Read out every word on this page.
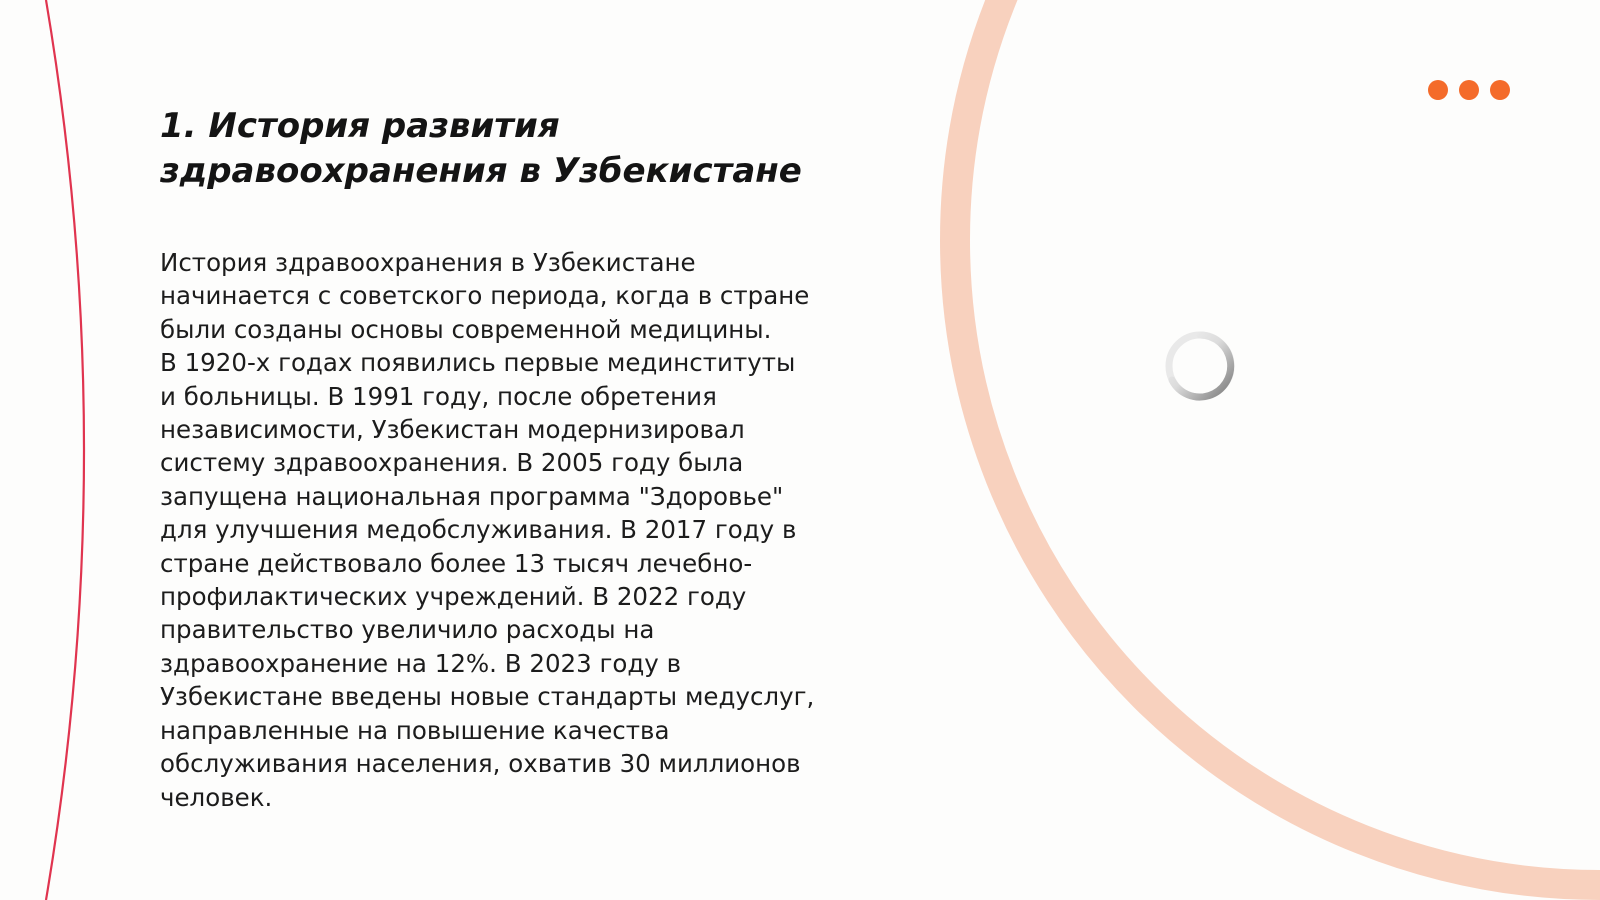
1. История развития
здравоохранения в Узбекистане

История здравоохранения в Узбекистане
начинается с советского периода, когда в стране
были созданы основы современной медицины.
В 1920-х годах появились первые мединституты
и больницы. В 1991 году, после обретения
независимости, Узбекистан модернизировал
систему здравоохранения. В 2005 году была
запущена национальная программа "Здоровье"
для улучшения медобслуживания. В 2017 году в
стране действовало более 13 тысяч лечебно-
профилактических учреждений. В 2022 году
правительство увеличило расходы на
здравоохранение на 12%. В 2023 году в
Узбекистане введены новые стандарты медуслуг,
направленные на повышение качества
обслуживания населения, охватив 30 миллионов
человек.
